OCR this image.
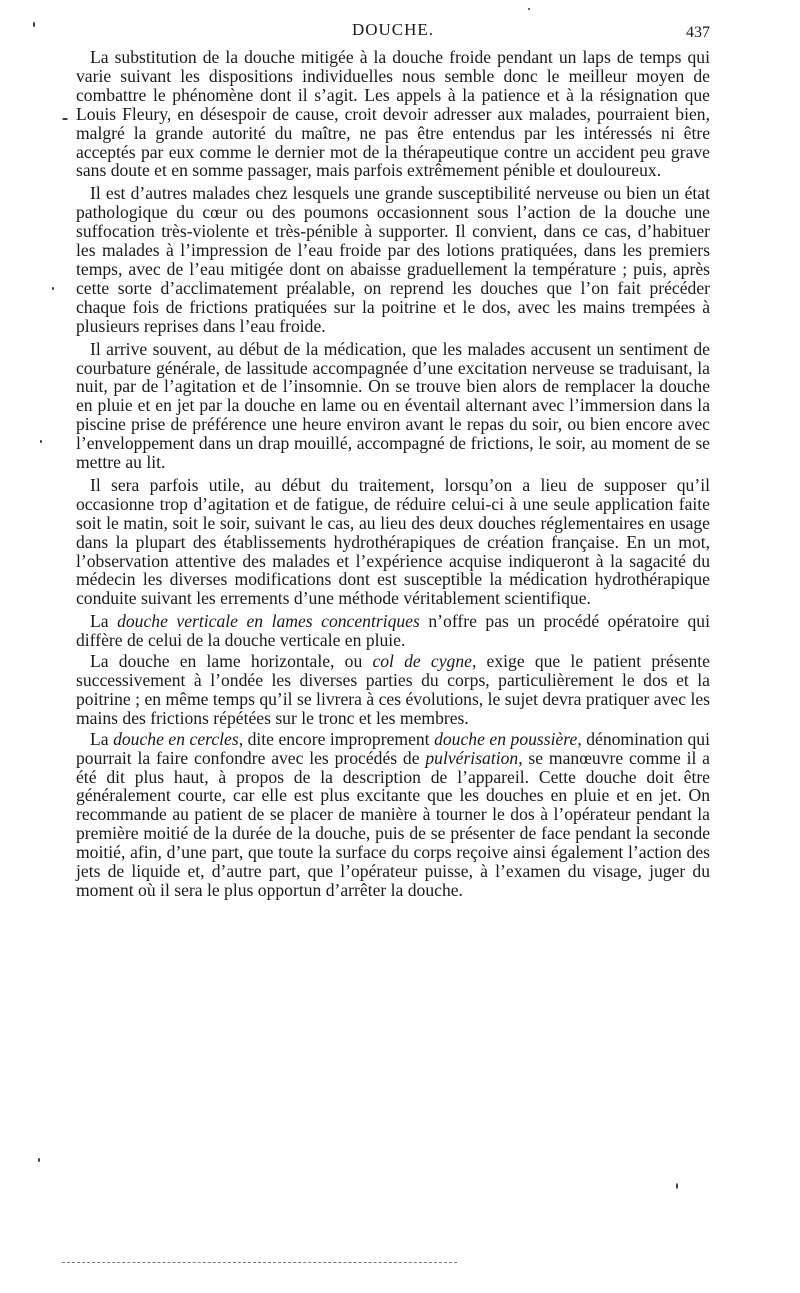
DOUCHE.	437

La substitution de la douche mitigée à la douche froide pendant un laps de temps qui varie suivant les dispositions individuelles nous semble donc le meilleur moyen de combattre le phénomène dont il s’agit. Les appels à la patience et à la résignation que Louis Fleury, en désespoir de cause, croit devoir adresser aux malades, pourraient bien, malgré la grande autorité du maître, ne pas être entendus par les intéressés ni être acceptés par eux comme le dernier mot de la thérapeutique contre un accident peu grave sans doute et en somme passager, mais parfois extrêmement pénible et douloureux.

Il est d’autres malades chez lesquels une grande susceptibilité nerveuse ou bien un état pathologique du cœur ou des poumons occasionnent sous l’action de la douche une suffocation très-violente et très-pénible à supporter. Il convient, dans ce cas, d’habituer les malades à l’impression de l’eau froide par des lotions pratiquées, dans les premiers temps, avec de l’eau mitigée dont on abaisse graduellement la température ; puis, après cette sorte d’acclimatement préalable, on reprend les douches que l’on fait précéder chaque fois de frictions pratiquées sur la poitrine et le dos, avec les mains trempées à plusieurs reprises dans l’eau froide.

Il arrive souvent, au début de la médication, que les malades accusent un sentiment de courbature générale, de lassitude accompagnée d’une excitation nerveuse se traduisant, la nuit, par de l’agitation et de l’insomnie. On se trouve bien alors de remplacer la douche en pluie et en jet par la douche en lame ou en éventail alternant avec l’immersion dans la piscine prise de préférence une heure environ avant le repas du soir, ou bien encore avec l’enveloppement dans un drap mouillé, accompagné de frictions, le soir, au moment de se mettre au lit.

Il sera parfois utile, au début du traitement, lorsqu’on a lieu de supposer qu’il occasionne trop d’agitation et de fatigue, de réduire celui-ci à une seule application faite soit le matin, soit le soir, suivant le cas, au lieu des deux douches réglementaires en usage dans la plupart des établissements hydrothérapiques de création française. En un mot, l’observation attentive des malades et l’expérience acquise indiqueront à la sagacité du médecin les diverses modifications dont est susceptible la médication hydrothérapique conduite suivant les errements d’une méthode véritablement scientifique.

La douche verticale en lames concentriques n’offre pas un procédé opératoire qui diffère de celui de la douche verticale en pluie.

La douche en lame horizontale, ou col de cygne, exige que le patient présente successivement à l’ondée les diverses parties du corps, particulièrement le dos et la poitrine ; en même temps qu’il se livrera à ces évolutions, le sujet devra pratiquer avec les mains des frictions répétées sur le tronc et les membres.

La douche en cercles, dite encore improprement douche en poussière, dénomination qui pourrait la faire confondre avec les procédés de pulvérisation, se manœuvre comme il a été dit plus haut, à propos de la description de l’appareil. Cette douche doit être généralement courte, car elle est plus excitante que les douches en pluie et en jet. On recommande au patient de se placer de manière à tourner le dos à l’opérateur pendant la première moitié de la durée de la douche, puis de se présenter de face pendant la seconde moitié, afin, d’une part, que toute la surface du corps reçoive ainsi également l’action des jets de liquide et, d’autre part, que l’opérateur puisse, à l’examen du visage, juger du moment où il sera le plus opportun d’arrêter la douche.
